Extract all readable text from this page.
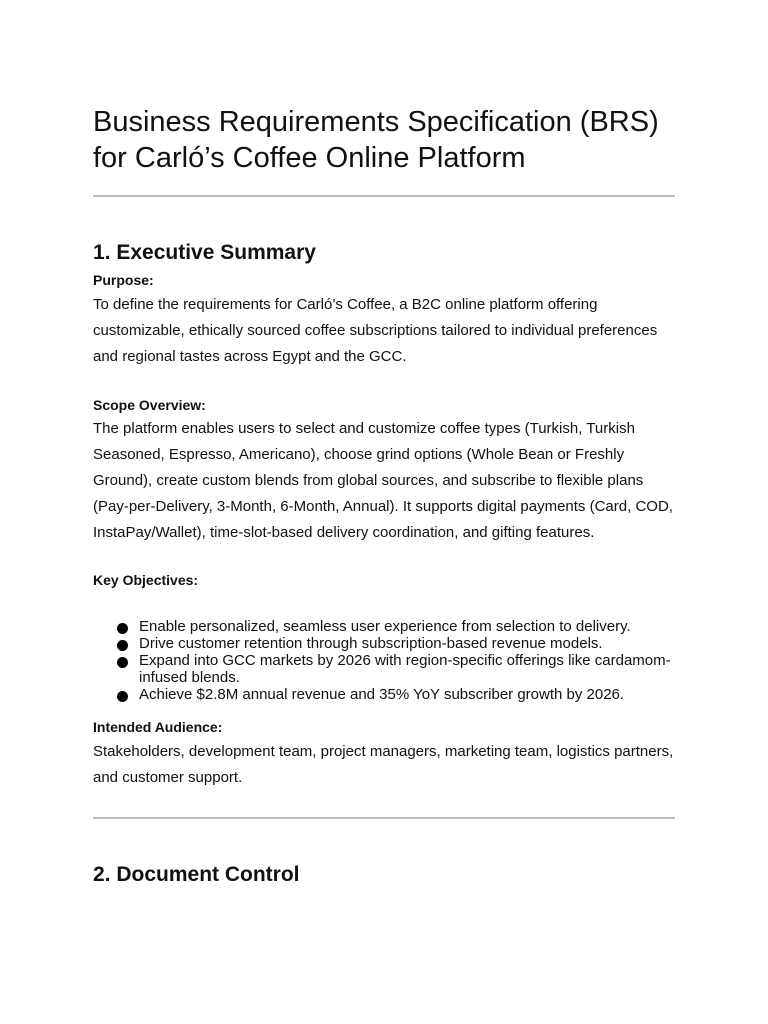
Business Requirements Specification (BRS) for Carló’s Coffee Online Platform
1. Executive Summary

Purpose:

To define the requirements for Carló’s Coffee, a B2C online platform offering customizable, ethically sourced coffee subscriptions tailored to individual preferences and regional tastes across Egypt and the GCC.

Scope Overview:

The platform enables users to select and customize coffee types (Turkish, Turkish Seasoned, Espresso, Americano), choose grind options (Whole Bean or Freshly Ground), create custom blends from global sources, and subscribe to flexible plans (Pay-per-Delivery, 3-Month, 6-Month, Annual). It supports digital payments (Card, COD, InstaPay/Wallet), time-slot-based delivery coordination, and gifting features.

Key Objectives:

Enable personalized, seamless user experience from selection to delivery.
Drive customer retention through subscription-based revenue models.
Expand into GCC markets by 2026 with region-specific offerings like cardamom-infused blends.
Achieve $2.8M annual revenue and 35% YoY subscriber growth by 2026.

Intended Audience:

Stakeholders, development team, project managers, marketing team, logistics partners, and customer support.

2. Document Control
